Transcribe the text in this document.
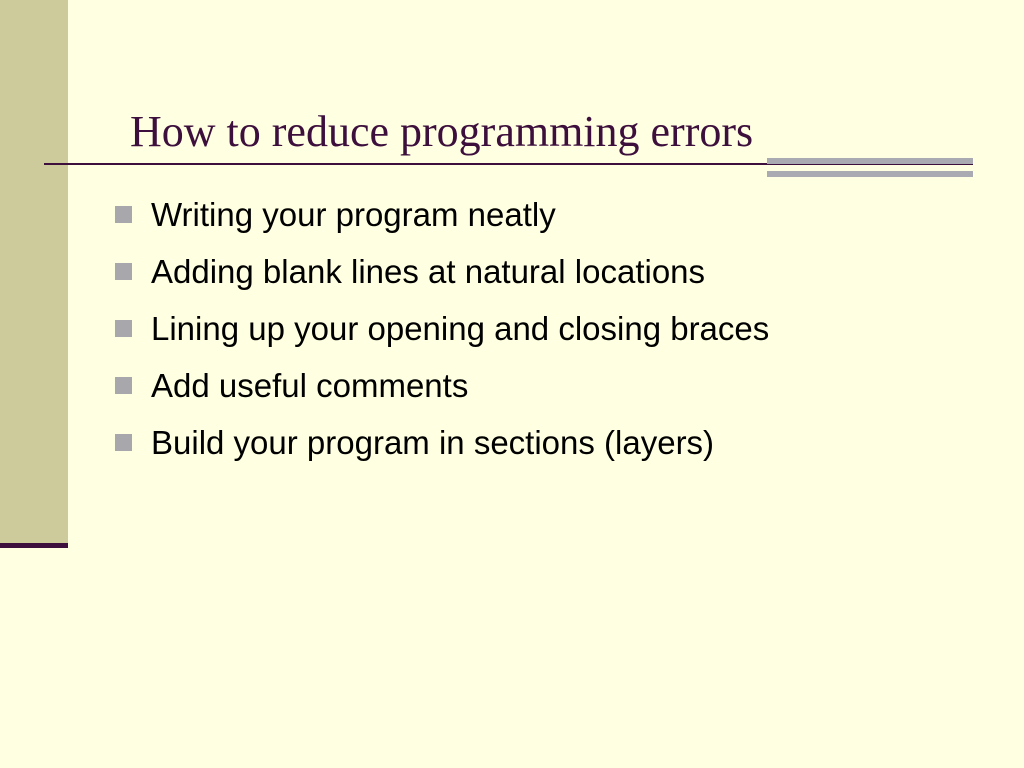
How to reduce programming errors
Writing your program neatly
Adding blank lines at natural locations
Lining up your opening and closing braces
Add useful comments
Build your program in sections (layers)
